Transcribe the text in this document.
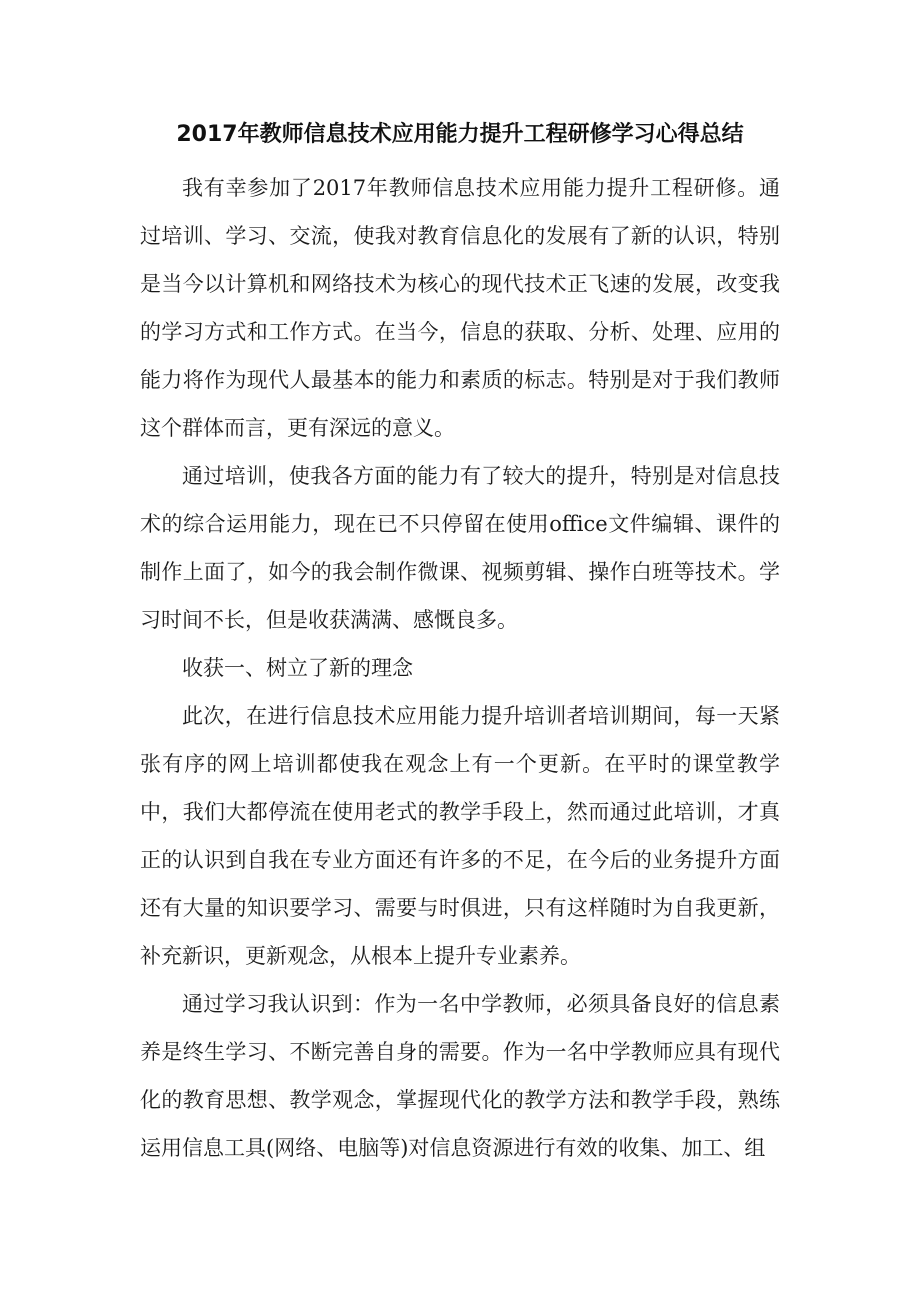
2017年教师信息技术应用能力提升工程研修学习心得总结

我有幸参加了2017年教师信息技术应用能力提升工程研修。通过培训、学习、交流，使我对教育信息化的发展有了新的认识，特别是当今以计算机和网络技术为核心的现代技术正飞速的发展，改变我的学习方式和工作方式。在当今，信息的获取、分析、处理、应用的能力将作为现代人最基本的能力和素质的标志。特别是对于我们教师这个群体而言，更有深远的意义。

通过培训，使我各方面的能力有了较大的提升，特别是对信息技术的综合运用能力，现在已不只停留在使用office文件编辑、课件的制作上面了，如今的我会制作微课、视频剪辑、操作白班等技术。学习时间不长，但是收获满满、感慨良多。

收获一、树立了新的理念

此次，在进行信息技术应用能力提升培训者培训期间，每一天紧张有序的网上培训都使我在观念上有一个更新。在平时的课堂教学中，我们大都停流在使用老式的教学手段上，然而通过此培训，才真正的认识到自我在专业方面还有许多的不足，在今后的业务提升方面还有大量的知识要学习、需要与时俱进，只有这样随时为自我更新，补充新识，更新观念，从根本上提升专业素养。

通过学习我认识到：作为一名中学教师，必须具备良好的信息素养是终生学习、不断完善自身的需要。作为一名中学教师应具有现代化的教育思想、教学观念，掌握现代化的教学方法和教学手段，熟练运用信息工具(网络、电脑等)对信息资源进行有效的收集、加工、组
